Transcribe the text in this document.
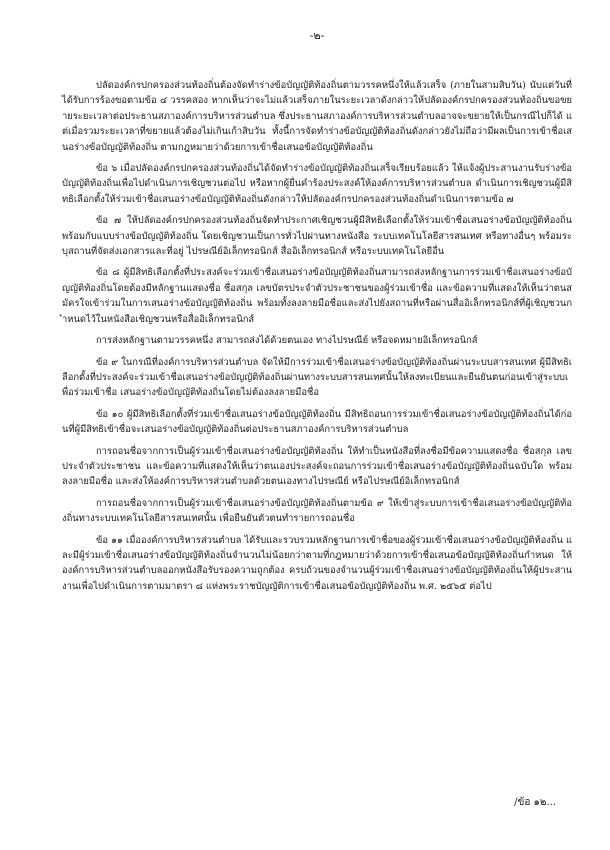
-๒-

ปลัดองค์กรปกครองส่วนท้องถิ่นต้องจัดทำร่างข้อบัญญัติท้องถิ่นตามวรรคหนึ่งให้แล้วเสร็จ (ภายในสามสิบวัน) นับแต่วันที่ได้รับการร้องขอตามข้อ ๔ วรรคสอง หากเห็นว่าจะไม่แล้วเสร็จภายในระยะเวลาดังกล่าวให้ปลัดองค์กรปกครองส่วนท้องถิ่นขอขยายระยะเวลาต่อประธานสภาองค์การบริหารส่วนตำบล ซึ่งประธานสภาองค์การบริหารส่วนตำบลอาจจะขยายให้เป็นกรณีไปก็ได้ แต่เมื่อรวมระยะเวลาที่ขยายแล้วต้องไม่เกินเก้าสิบวัน ทั้งนี้การจัดทำร่างข้อบัญญัติท้องถิ่นดังกล่าวยังไม่ถือว่ามีผลเป็นการเข้าชื่อเสนอร่างข้อบัญญัติท้องถิ่น ตามกฎหมายว่าด้วยการเข้าชื่อเสนอข้อบัญญัติท้องถิ่น

ข้อ ๖ เมื่อปลัดองค์กรปกครองส่วนท้องถิ่นได้จัดทำร่างข้อบัญญัติท้องถิ่นเสร็จเรียบร้อยแล้ว ให้แจ้งผู้ประสานงานรับร่างข้อบัญญัติท้องถิ่นเพื่อไปดำเนินการเชิญชวนต่อไป หรือหากผู้ยื่นคำร้องประสงค์ให้องค์การบริหารส่วนตำบล ดำเนินการเชิญชวนผู้มีสิทธิเลือกตั้งให้ร่วมเข้าชื่อเสนอร่างข้อบัญญัติท้องถิ่นดังกล่าวให้ปลัดองค์กรปกครองส่วนท้องถิ่นดำเนินการตามข้อ ๗

ข้อ ๗ ให้ปลัดองค์กรปกครองส่วนท้องถิ่นจัดทำประกาศเชิญชวนผู้มีสิทธิเลือกตั้งให้ร่วมเข้าชื่อเสนอร่างข้อบัญญัติท้องถิ่นพร้อมกับแบบร่างข้อบัญญัติท้องถิ่น โดยเชิญชวนเป็นการทั่วไปผ่านทางหนังสือ ระบบเทคโนโลยีสารสนเทศ หรือทางอื่นๆ พร้อมระบุสถานที่จัดส่งเอกสารและที่อยู่ ไปรษณีย์อิเล็กทรอนิกส์ สื่ออิเล็กทรอนิกส์ หรือระบบเทคโนโลยีอื่น

ข้อ ๘ ผู้มีสิทธิเลือกตั้งที่ประสงค์จะร่วมเข้าชื่อเสนอร่างข้อบัญญัติท้องถิ่นสามารถส่งหลักฐานการร่วมเข้าชื่อเสนอร่างข้อบัญญัติท้องถิ่นโดยต้องมีหลักฐานแสดงชื่อ ชื่อสกุล เลขบัตรประจำตัวประชาชนของผู้ร่วมเข้าชื่อ และข้อความที่แสดงให้เห็นว่าตนสมัครใจเข้าร่วมในการเสนอร่างข้อบัญญัติท้องถิ่น พร้อมทั้งลงลายมือชื่อและส่งไปยังสถานที่หรือผ่านสื่ออิเล็กทรอนิกส์ที่ผู้เชิญชวนกำหนดไว้ในหนังสือเชิญชวนหรือสื่ออิเล็กทรอนิกส์

การส่งหลักฐานตามวรรคหนึ่ง สามารถส่งได้ด้วยตนเอง ทางไปรษณีย์ หรือจดหมายอิเล็กทรอนิกส์

ข้อ ๙ ในกรณีที่องค์การบริหารส่วนตำบล จัดให้มีการร่วมเข้าชื่อเสนอร่างข้อบัญญัติท้องถิ่นผ่านระบบสารสนเทศ ผู้มีสิทธิเลือกตั้งที่ประสงค์จะร่วมเข้าชื่อเสนอร่างข้อบัญญัติท้องถิ่นผ่านทางระบบสารสนเทศนั้นให้ลงทะเบียนและยืนยันตนก่อนเข้าสู่ระบบเพื่อร่วมเข้าชื่อ เสนอร่างข้อบัญญัติท้องถิ่นโดยไม่ต้องลงลายมือชื่อ

ข้อ ๑๐ ผู้มีสิทธิเลือกตั้งที่ร่วมเข้าชื่อเสนอร่างข้อบัญญัติท้องถิ่น มีสิทธิถอนการร่วมเข้าชื่อเสนอร่างข้อบัญญัติท้องถิ่นได้ก่อนที่ผู้มีสิทธิเข้าชื่อจะเสนอร่างข้อบัญญัติท้องถิ่นต่อประธานสภาองค์การบริหารส่วนตำบล

การถอนชื่อจากการเป็นผู้ร่วมเข้าชื่อเสนอร่างข้อบัญญัติท้องถิ่น ให้ทำเป็นหนังสือที่ลงชื่อมีข้อความแสดงชื่อ ชื่อสกุล เลขประจำตัวประชาชน และข้อความที่แสดงให้เห็นว่าตนเองประสงค์จะถอนการร่วมเข้าชื่อเสนอร่างข้อบัญญัติท้องถิ่นฉบับใด พร้อมลงลายมือชื่อ และส่งให้องค์การบริหารส่วนตำบลด้วยตนเองทางไปรษณีย์ หรือไปรษณีย์อิเล็กทรอนิกส์

การถอนชื่อจากการเป็นผู้ร่วมเข้าชื่อเสนอร่างข้อบัญญัติท้องถิ่นตามข้อ ๙ ให้เข้าสู่ระบบการเข้าชื่อเสนอร่างข้อบัญญัติท้องถิ่นทางระบบเทคโนโลยีสารสนเทศนั้น เพื่อยืนยันตัวตนทำรายการถอนชื่อ

ข้อ ๑๑ เมื่อองค์การบริหารส่วนตำบล ได้รับและรวบรวมหลักฐานการเข้าชื่อของผู้ร่วมเข้าชื่อเสนอร่างข้อบัญญัติท้องถิ่น และมีผู้ร่วมเข้าชื่อเสนอร่างข้อบัญญัติท้องถิ่นจำนวนไม่น้อยกว่าตามที่กฎหมายว่าด้วยการเข้าชื่อเสนอข้อบัญญัติท้องถิ่นกำหนด ให้องค์การบริหารส่วนตำบลออกหนังสือรับรองความถูกต้อง ครบถ้วนของจำนวนผู้ร่วมเข้าชื่อเสนอร่างข้อบัญญัติท้องถิ่นให้ผู้ประสานงานเพื่อไปดำเนินการตามมาตรา ๘ แห่งพระราชบัญญัติการเข้าชื่อเสนอข้อบัญญัติท้องถิ่น พ.ศ. ๒๕๖๕ ต่อไป

/ข้อ ๑๒...
